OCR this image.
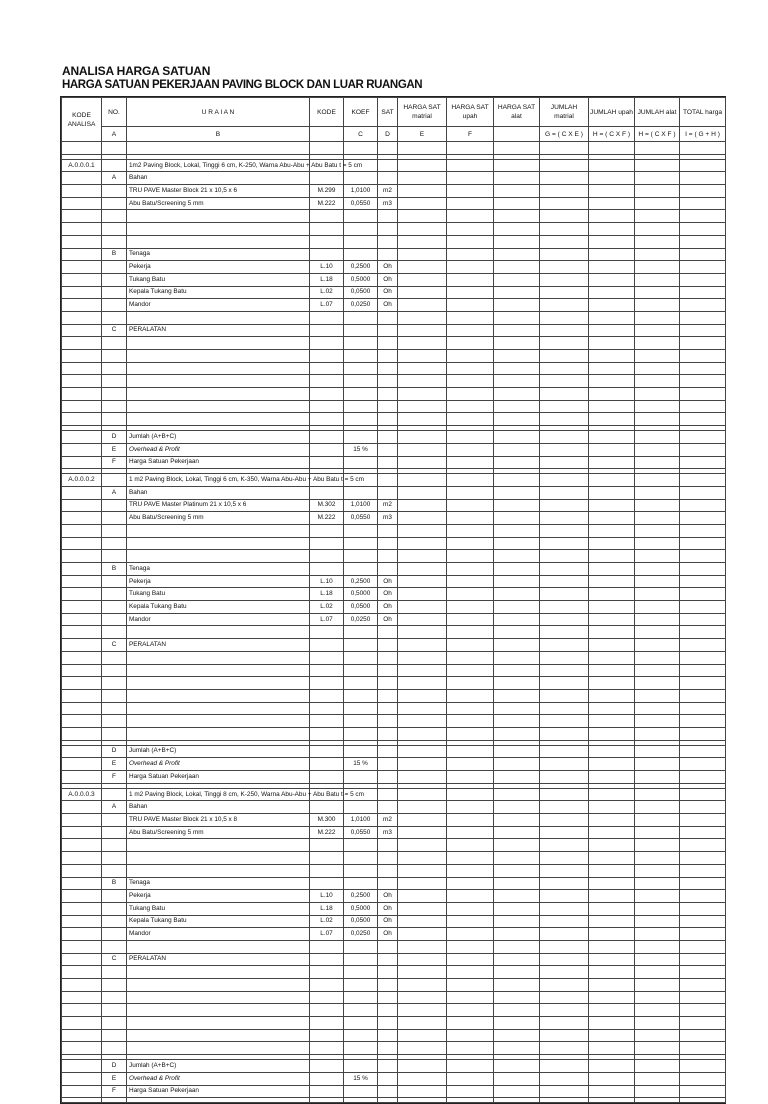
ANALISA HARGA SATUAN
HARGA SATUAN PEKERJAAN PAVING BLOCK DAN LUAR RUANGAN
KODE ANALISA	NO.	U R A I A N	KODE	KOEF	SAT	HARGA SAT matrial	HARGA SAT upah	HARGA SAT alat	JUMLAH matrial	JUMLAH upah	JUMLAH alat	TOTAL harga
	A	B		C	D	E	F		G = ( C X E )	H = ( C X F )	H = ( C X F )	I = ( G + H )

A.0.0.0.1		1m2 Paving Block, Lokal, Tinggi 6 cm, K-250, Warna Abu-Abu + Abu Batu t = 5 cm										
	A	Bahan										
		TRU PAVE Master Block 21 x 10,5 x 6	M.299	1,0100	m2							
		Abu Batu/Screening 5 mm	M.222	0,0550	m3							

	B	Tenaga										
		Pekerja	L.10	0,2500	Oh							
		Tukang Batu	L.18	0,5000	Oh							
		Kepala Tukang Batu	L.02	0,0500	Oh							
		Mandor	L.07	0,0250	Oh							

	C	PERALATAN										

	D	Jumlah (A+B+C)										
	E	Overhead & Profit		15 %								
	F	Harga Satuan Pekerjaan										

A.0.0.0.2		1 m2 Paving Block, Lokal, Tinggi 6 cm, K-350, Warna Abu-Abu + Abu Batu t = 5 cm										
	A	Bahan										
		TRU PAVE Master Platinum 21 x 10,5 x 6	M.302	1,0100	m2							
		Abu Batu/Screening 5 mm	M.222	0,0550	m3							

	B	Tenaga										
		Pekerja	L.10	0,2500	Oh							
		Tukang Batu	L.18	0,5000	Oh							
		Kepala Tukang Batu	L.02	0,0500	Oh							
		Mandor	L.07	0,0250	Oh							

	C	PERALATAN										

	D	Jumlah (A+B+C)										
	E	Overhead & Profit		15 %								
	F	Harga Satuan Pekerjaan										

A.0.0.0.3		1 m2 Paving Block, Lokal, Tinggi 8 cm, K-250, Warna Abu-Abu + Abu Batu t = 5 cm										
	A	Bahan										
		TRU PAVE Master Block 21 x 10,5 x 8	M.300	1,0100	m2							
		Abu Batu/Screening 5 mm	M.222	0,0550	m3							

	B	Tenaga										
		Pekerja	L.10	0,2500	Oh							
		Tukang Batu	L.18	0,5000	Oh							
		Kepala Tukang Batu	L.02	0,0500	Oh							
		Mandor	L.07	0,0250	Oh							

	C	PERALATAN										

	D	Jumlah (A+B+C)										
	E	Overhead & Profit		15 %								
	F	Harga Satuan Pekerjaan										
